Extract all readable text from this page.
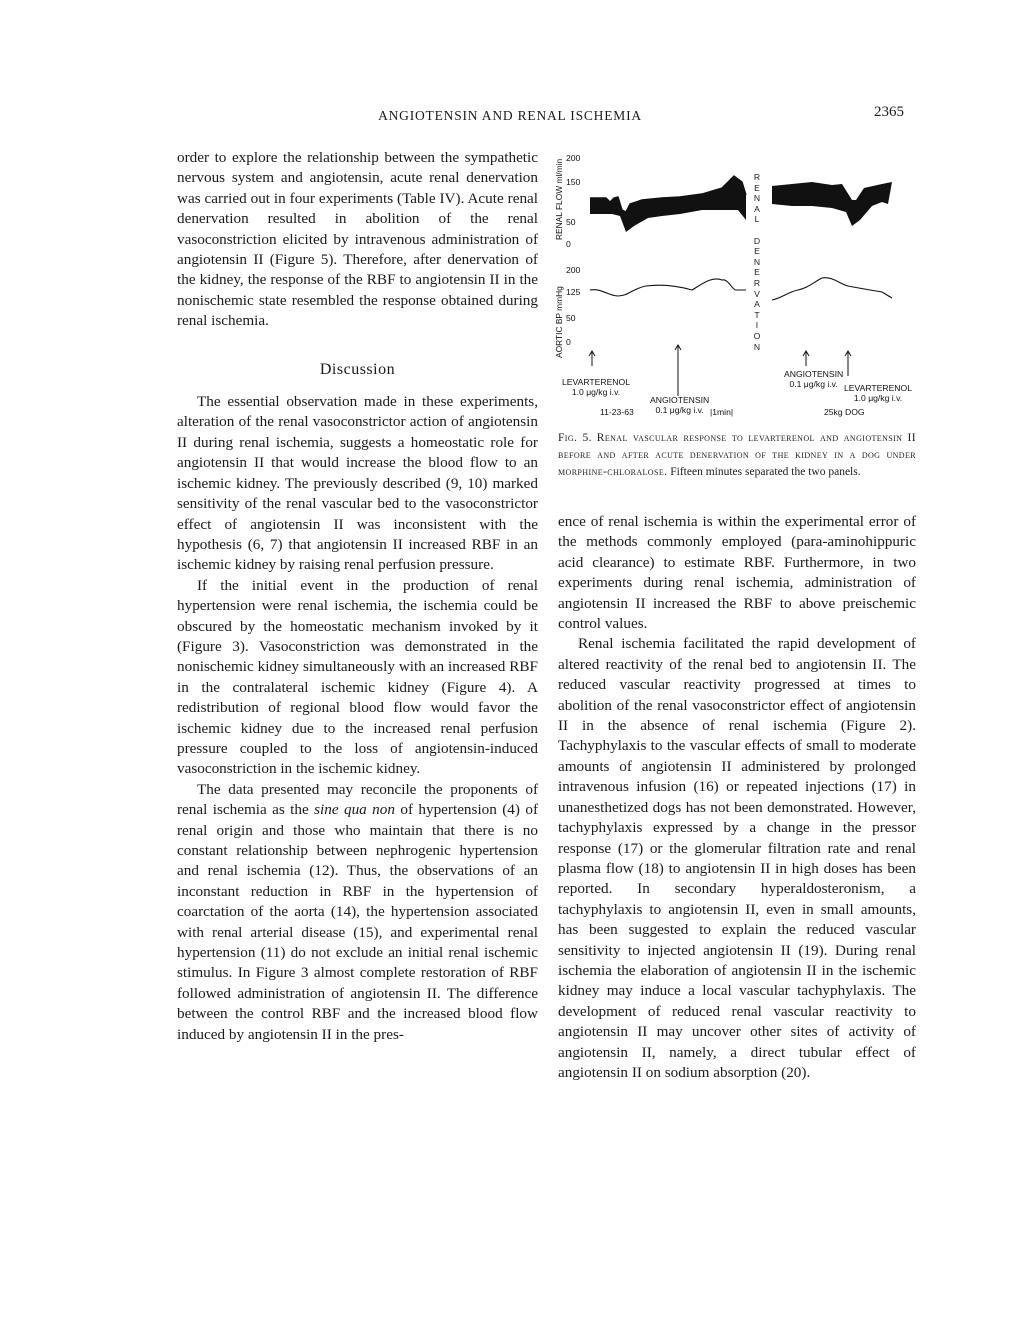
ANGIOTENSIN AND RENAL ISCHEMIA	2365

order to explore the relationship between the sympathetic nervous system and angiotensin, acute renal denervation was carried out in four experiments (Table IV). Acute renal denervation resulted in abolition of the renal vasoconstriction elicited by intravenous administration of angiotensin II (Figure 5). Therefore, after denervation of the kidney, the response of the RBF to angiotensin II in the nonischemic state resembled the response obtained during renal ischemia.

Discussion

The essential observation made in these experiments, alteration of the renal vasoconstrictor action of angiotensin II during renal ischemia, suggests a homeostatic role for angiotensin II that would increase the blood flow to an ischemic kidney. The previously described (9, 10) marked sensitivity of the renal vascular bed to the vasoconstrictor effect of angiotensin II was inconsistent with the hypothesis (6, 7) that angiotensin II increased RBF in an ischemic kidney by raising renal perfusion pressure.

If the initial event in the production of renal hypertension were renal ischemia, the ischemia could be obscured by the homeostatic mechanism invoked by it (Figure 3). Vasoconstriction was demonstrated in the nonischemic kidney simultaneously with an increased RBF in the contralateral ischemic kidney (Figure 4). A redistribution of regional blood flow would favor the ischemic kidney due to the increased renal perfusion pressure coupled to the loss of angiotensin-induced vasoconstriction in the ischemic kidney.

The data presented may reconcile the proponents of renal ischemia as the sine qua non of hypertension (4) of renal origin and those who maintain that there is no constant relationship between nephrogenic hypertension and renal ischemia (12). Thus, the observations of an inconstant reduction in RBF in the hypertension of coarctation of the aorta (14), the hypertension associated with renal arterial disease (15), and experimental renal hypertension (11) do not exclude an initial renal ischemic stimulus. In Figure 3 almost complete restoration of RBF followed administration of angiotensin II. The difference between the control RBF and the increased blood flow induced by angiotensin II in the pres-

RENAL FLOW ml/min
200
150
50
0
AORTIC BP mmHg
200
125
50
0
R
E
N
A
L
D
E
N
E
R
V
A
T
I
O
N
LEVARTERENOL
1.0 μg/kg i.v.
ANGIOTENSIN
0.1 μg/kg i.v.
ANGIOTENSIN
0.1 μg/kg i.v. LEVARTERENOL
1.0 μg/kg i.v.
11-23-63	|1min|	25kg DOG
Fig. 5. Renal vascular response to levarterenol and angiotensin II before and after acute denervation of the kidney in a dog under morphine-chloralose. Fifteen minutes separated the two panels.

ence of renal ischemia is within the experimental error of the methods commonly employed (para-aminohippuric acid clearance) to estimate RBF. Furthermore, in two experiments during renal ischemia, administration of angiotensin II increased the RBF to above preischemic control values.

Renal ischemia facilitated the rapid development of altered reactivity of the renal bed to angiotensin II. The reduced vascular reactivity progressed at times to abolition of the renal vasoconstrictor effect of angiotensin II in the absence of renal ischemia (Figure 2). Tachyphylaxis to the vascular effects of small to moderate amounts of angiotensin II administered by prolonged intravenous infusion (16) or repeated injections (17) in unanesthetized dogs has not been demonstrated. However, tachyphylaxis expressed by a change in the pressor response (17) or the glomerular filtration rate and renal plasma flow (18) to angiotensin II in high doses has been reported. In secondary hyperaldosteronism, a tachyphylaxis to angiotensin II, even in small amounts, has been suggested to explain the reduced vascular sensitivity to injected angiotensin II (19). During renal ischemia the elaboration of angiotensin II in the ischemic kidney may induce a local vascular tachyphylaxis. The development of reduced renal vascular reactivity to angiotensin II may uncover other sites of activity of angiotensin II, namely, a direct tubular effect of angiotensin II on sodium absorption (20).
